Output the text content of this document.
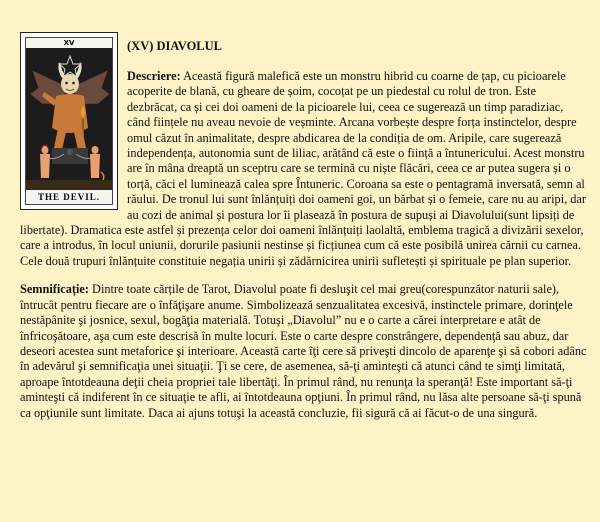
XV
THE DEVIL.
(XV) DIAVOLUL

Descriere: Această figură malefică este un monstru hibrid cu coarne de țap, cu picioarele acoperite de blană, cu gheare de șoim, cocoțat pe un piedestal cu rolul de tron. Este dezbrăcat, ca și cei doi oameni de la picioarele lui, ceea ce sugerează un timp paradiziac, când ființele nu aveau nevoie de veșminte. Arcana vorbește despre forța instinctelor, despre omul căzut în animalitate, despre abdicarea de la condiția de om. Aripile, care sugerează independența, autonomia sunt de liliac, arătând că este o ființă a întunericului. Acest monstru are în mâna dreaptă un sceptru care se termină cu niște flăcări, ceea ce ar putea sugera și o torță, căci el luminează calea spre Întuneric. Coroana sa este o pentagramă inversată, semn al răului. De tronul lui sunt înlănțuiți doi oameni goi, un bărbat și o femeie, care nu au aripi, dar au cozi de animal și postura lor îi plasează în postura de supuși ai Diavolului(sunt lipsiți de libertate). Dramatica este astfel și prezența celor doi oameni înlănțuiți laolaltă, emblema tragică a divizării sexelor, care a introdus, în locul uniunii, dorurile pasiunii nestinse și ficțiunea cum că este posibilă unirea cărnii cu carnea. Cele două trupuri înlănțuite constituie negația unirii și zădărnicirea unirii sufletești și spirituale pe plan superior.

Semnificație: Dintre toate cărțile de Tarot, Diavolul poate fi desluşit cel mai greu(corespunzător naturii sale), întrucât pentru fiecare are o înfăţişare anume. Simbolizează senzualitatea excesivă, instinctele primare, dorinţele nestăpânite şi josnice, sexul, bogăţia materială. Totuşi „Diavolul” nu e o carte a cărei interpretare e atât de înfricoşătoare, aşa cum este descrisă în multe locuri. Este o carte despre constrângere, dependenţă sau abuz, dar deseori acestea sunt metaforice şi interioare. Această carte îţi cere să priveşti dincolo de aparenţe şi să cobori adânc în adevărul şi semnificaţia unei situaţii. Ţi se cere, de asemenea, să-ţi aminteşti că atunci când te simţi limitată, aproape întotdeauna deţii cheia propriei tale libertăţi. În primul rând, nu renunţa la speranţă! Este important să-ţi aminteşti că indiferent în ce situaţie te afli, ai întotdeauna opţiuni. În primul rând, nu lăsa alte persoane să-ţi spună ca opţiunile sunt limitate. Daca ai ajuns totuşi la această concluzie, fii sigură că ai făcut-o de una singură.
